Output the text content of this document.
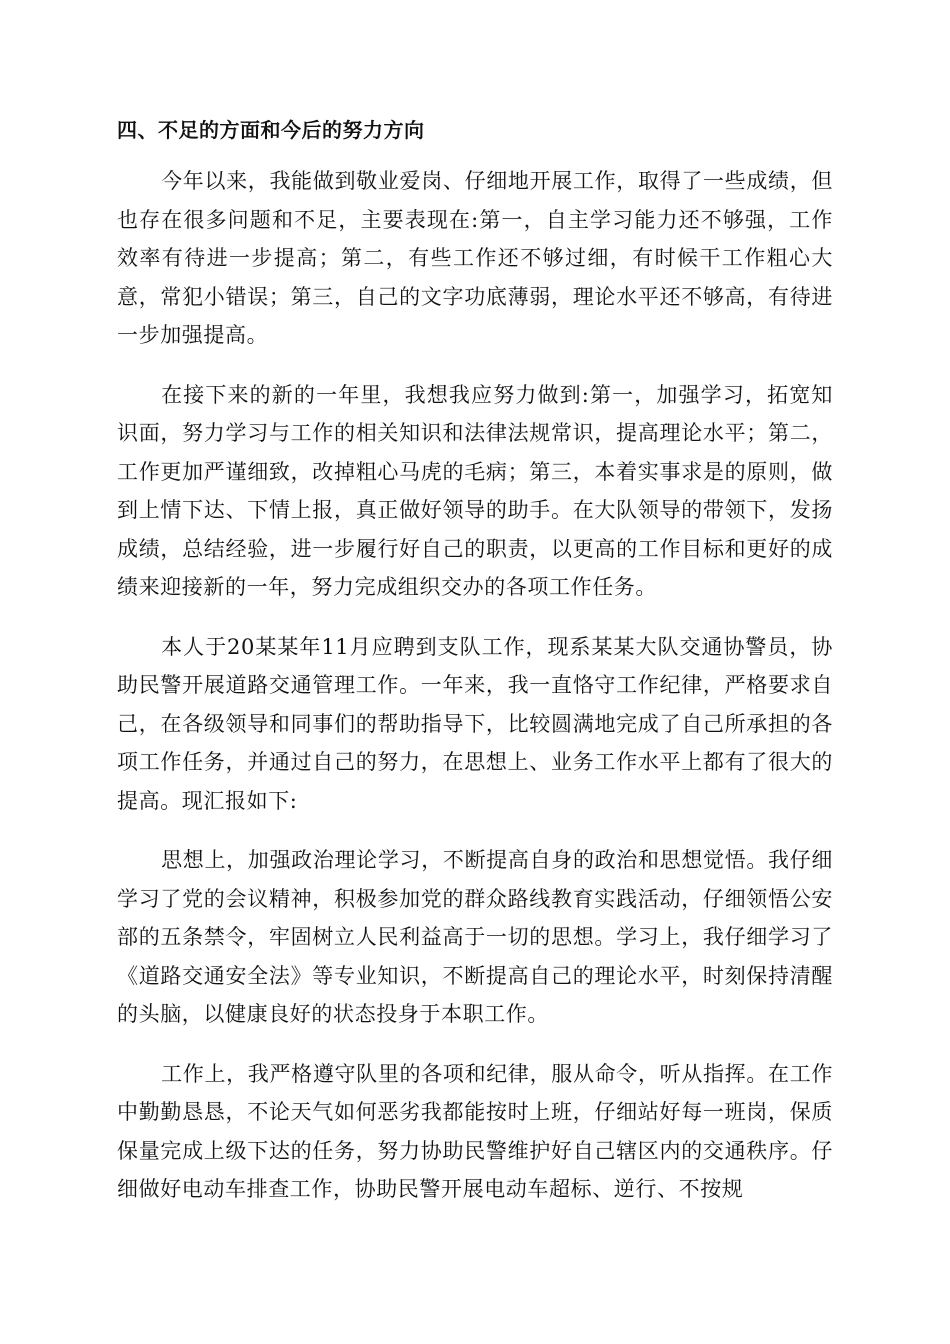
四、不足的方面和今后的努力方向

今年以来，我能做到敬业爱岗、仔细地开展工作，取得了一些成绩，但也存在很多问题和不足，主要表现在:第一，自主学习能力还不够强，工作效率有待进一步提高；第二，有些工作还不够过细，有时候干工作粗心大意，常犯小错误；第三，自己的文字功底薄弱，理论水平还不够高，有待进一步加强提高。

在接下来的新的一年里，我想我应努力做到:第一，加强学习，拓宽知识面，努力学习与工作的相关知识和法律法规常识，提高理论水平；第二，工作更加严谨细致，改掉粗心马虎的毛病；第三，本着实事求是的原则，做到上情下达、下情上报，真正做好领导的助手。在大队领导的带领下，发扬成绩，总结经验，进一步履行好自己的职责，以更高的工作目标和更好的成绩来迎接新的一年，努力完成组织交办的各项工作任务。

本人于20某某年11月应聘到支队工作，现系某某大队交通协警员，协助民警开展道路交通管理工作。一年来，我一直恪守工作纪律，严格要求自己，在各级领导和同事们的帮助指导下，比较圆满地完成了自己所承担的各项工作任务，并通过自己的努力，在思想上、业务工作水平上都有了很大的提高。现汇报如下:

思想上，加强政治理论学习，不断提高自身的政治和思想觉悟。我仔细学习了党的会议精神，积极参加党的群众路线教育实践活动，仔细领悟公安部的五条禁令，牢固树立人民利益高于一切的思想。学习上，我仔细学习了《道路交通安全法》等专业知识，不断提高自己的理论水平，时刻保持清醒的头脑，以健康良好的状态投身于本职工作。

工作上，我严格遵守队里的各项和纪律，服从命令，听从指挥。在工作中勤勤恳恳，不论天气如何恶劣我都能按时上班，仔细站好每一班岗，保质保量完成上级下达的任务，努力协助民警维护好自己辖区内的交通秩序。仔细做好电动车排查工作，协助民警开展电动车超标、逆行、不按规
